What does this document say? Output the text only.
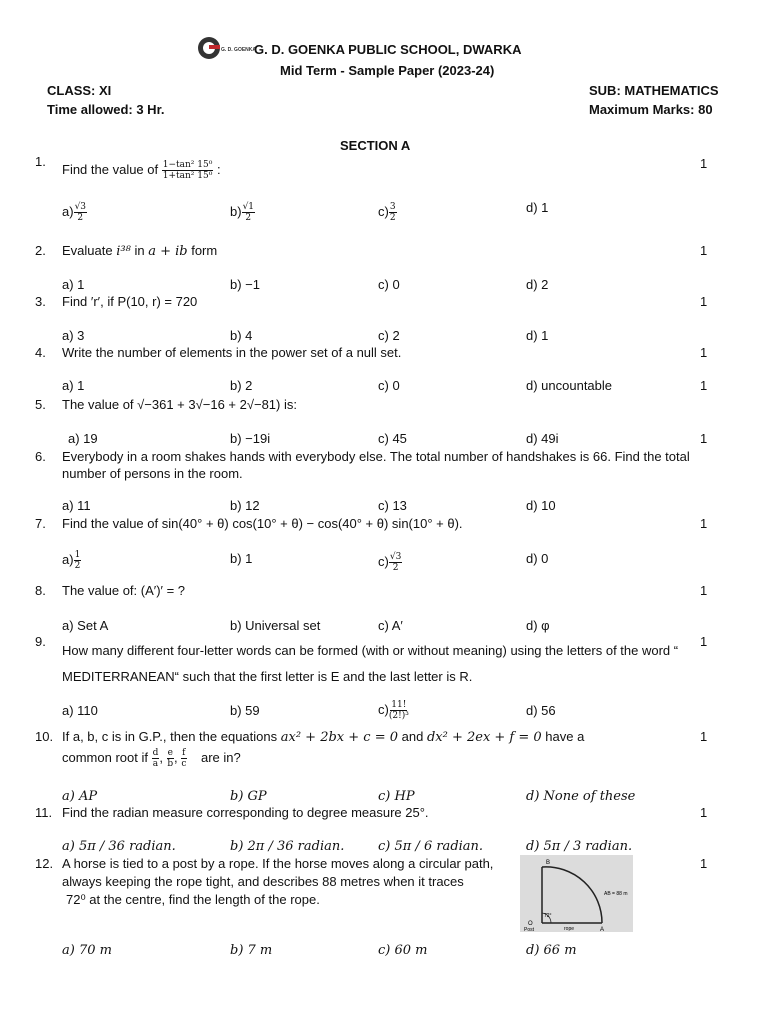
G. D. GOENKA
G. D. GOENKA PUBLIC SCHOOL, DWARKA
Mid Term - Sample Paper (2023-24)
CLASS: XI	SUB: MATHEMATICS
Time allowed: 3 Hr.	Maximum Marks: 80
SECTION A
1.
Find the value of $\frac{\text{1−tan² 15⁰}}{\text{1+tan² 15⁰}}$ :	1
$a) \frac{√3}{2}$	$b) \frac{√1}{2}$	$c) \frac{3}{2}$	d) 1
2. Evaluate i³⁸ in a + ib form	1
a) 1	b) −1	c) 0	d) 2
3. Find ′r′, if P(10, r) = 720	1
a) 3	b) 4	c) 2	d) 1
4. Write the number of elements in the power set of a null set.	1
a) 1	b) 2	c) 0	d) uncountable	1
5. The value of √−361 + 3√−16 + 2√−81) is:
1
a) 19	b) −19i	c) 45	d) 49i
6. Everybody in a room shakes hands with everybody else. The total number of handshakes is 66. Find the total number of persons in the room.
a) 11	b) 12	c) 13	d) 10
7. Find the value of sin(40° + θ) cos(10° + θ) − cos(40° + θ) sin(10° + θ).	1
$a) \frac{1}{2}$	b) 1	$c) \frac{√3}{2}$	d) 0
8. The value of: (A′)′ = ?	1
a) Set A	b) Universal set	c) A′	d) φ
9.
How many different four-letter words can be formed (with or without meaning) using the letters of the word “ MEDITERRANEAN“ such that the first letter is E and the last letter is R.
1
a) 110	b) 59	$c) \frac{11!}{\text{(2!)³}}$	d) 56
10. If a, b, c is in G.P., then the equations ax² + 2bx + c = 0 and dx² + 2ex + f = 0 have a	1
common root if $\frac{d}{a}$ , $\frac{e}{b}$ , $\frac{f}{c}$ are in?
a) AP	b) GP	c) HP	d) None of these
11. Find the radian measure corresponding to degree measure 25°.	1
a) 5π / 36 radian.	b) 2π / 36 radian.	c) 5π / 6 radian.	d) 5π / 3 radian.
12. A horse is tied to a post by a rope. If the horse moves along a circular path,
always keeping the rope tight, and describes 88 metres when it traces
72⁰ at the centre, find the length of the rope.
1
B
O
Post	rope	A
72°
AB = 88 m
a) 70 m	b) 7 m	c) 60 m	d) 66 m
